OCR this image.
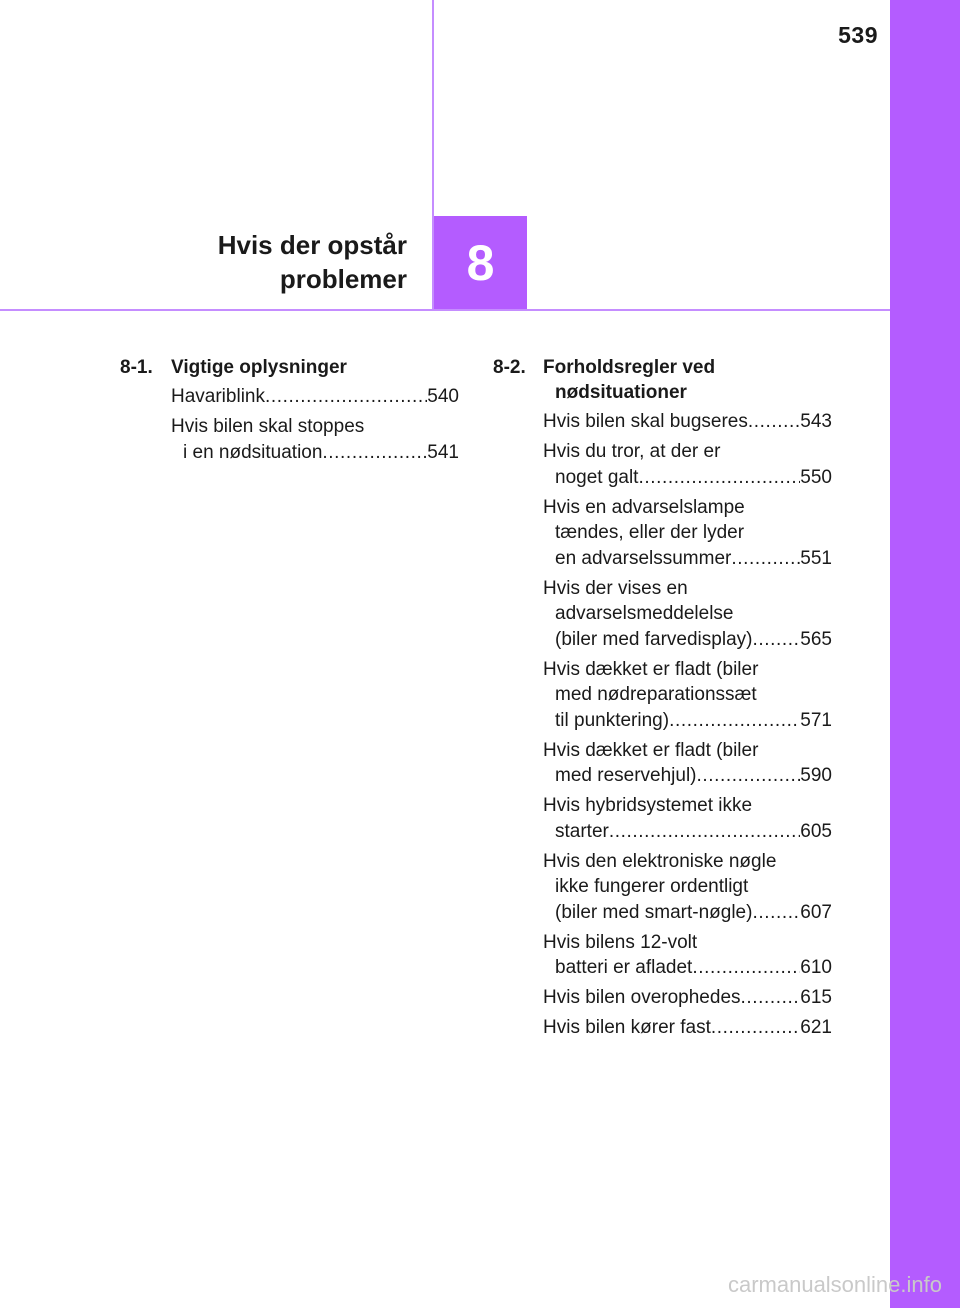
539
Hvis der opstår
problemer	8
8-1. Vigtige oplysninger
Havariblink .....	540
Hvis bilen skal stoppes
i en nødsituation .....	541
8-2. Forholdsregler ved
nødsituationer
Hvis bilen skal bugseres .....	543
Hvis du tror, at der er
noget galt .....	550
Hvis en advarselslampe
tændes, eller der lyder
en advarselssummer .....	551
Hvis der vises en
advarselsmeddelelse
(biler med farvedisplay) .....	565
Hvis dækket er fladt (biler
med nødreparationssæt
til punktering) .....	571
Hvis dækket er fladt (biler
med reservehjul) .....	590
Hvis hybridsystemet ikke
starter .....	605
Hvis den elektroniske nøgle
ikke fungerer ordentligt
(biler med smart-nøgle) .....	607
Hvis bilens 12-volt
batteri er afladet .....	610
Hvis bilen overophedes .....	615
Hvis bilen kører fast .....	621
carmanualsonline.info
